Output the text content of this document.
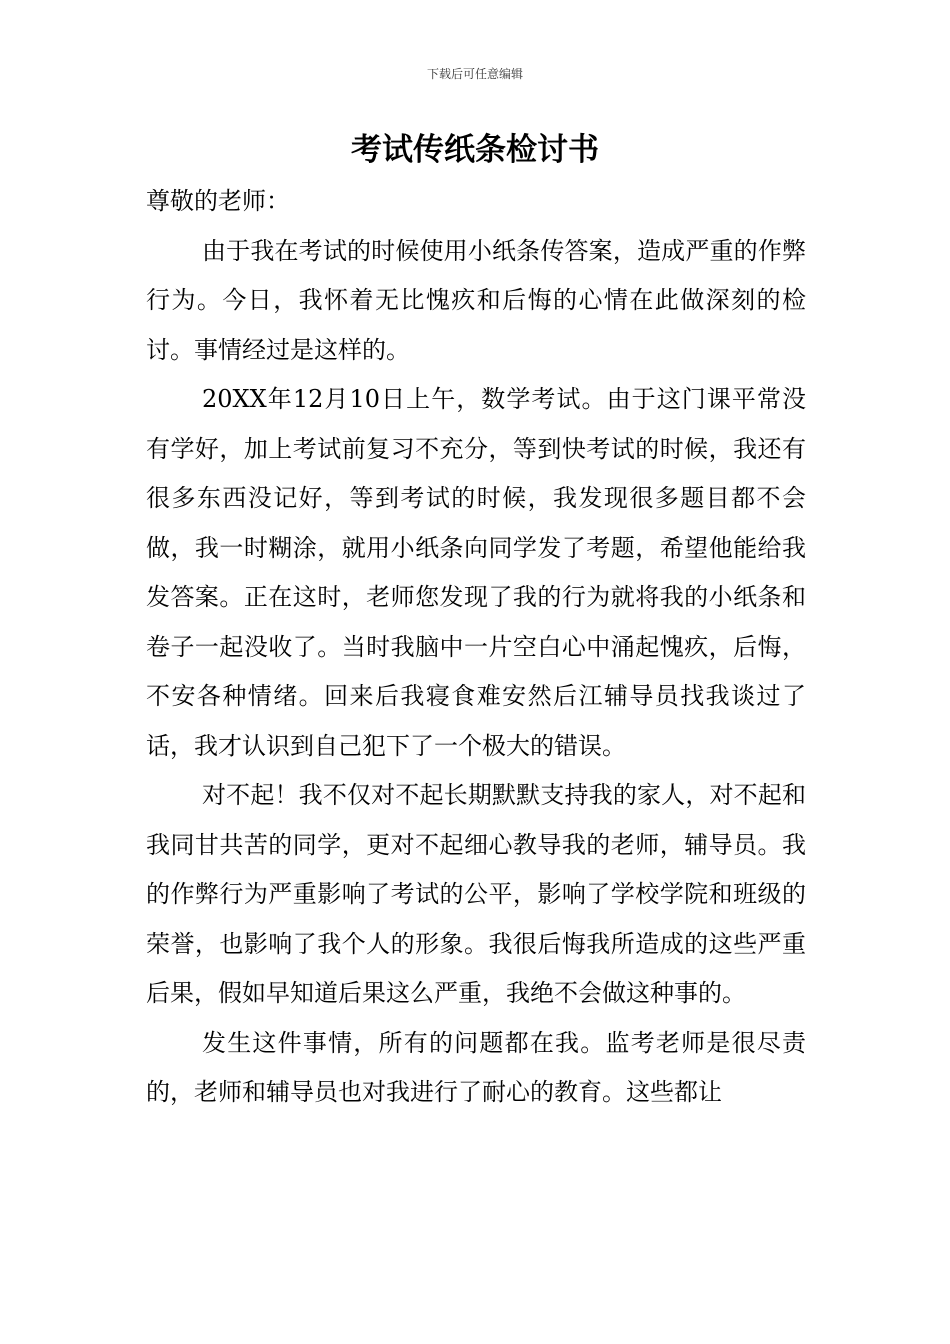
下载后可任意编辑
考试传纸条检讨书

尊敬的老师：

由于我在考试的时候使用小纸条传答案，造成严重的作弊行为。今日，我怀着无比愧疚和后悔的心情在此做深刻的检讨。事情经过是这样的。

20XX年12月10日上午，数学考试。由于这门课平常没有学好，加上考试前复习不充分，等到快考试的时候，我还有很多东西没记好，等到考试的时候，我发现很多题目都不会做，我一时糊涂，就用小纸条向同学发了考题，希望他能给我发答案。正在这时，老师您发现了我的行为就将我的小纸条和卷子一起没收了。当时我脑中一片空白心中涌起愧疚，后悔，不安各种情绪。回来后我寝食难安然后江辅导员找我谈过了话，我才认识到自己犯下了一个极大的错误。

对不起！我不仅对不起长期默默支持我的家人，对不起和我同甘共苦的同学，更对不起细心教导我的老师，辅导员。我的作弊行为严重影响了考试的公平，影响了学校学院和班级的荣誉，也影响了我个人的形象。我很后悔我所造成的这些严重后果，假如早知道后果这么严重，我绝不会做这种事的。

发生这件事情，所有的问题都在我。监考老师是很尽责的，老师和辅导员也对我进行了耐心的教育。这些都让
